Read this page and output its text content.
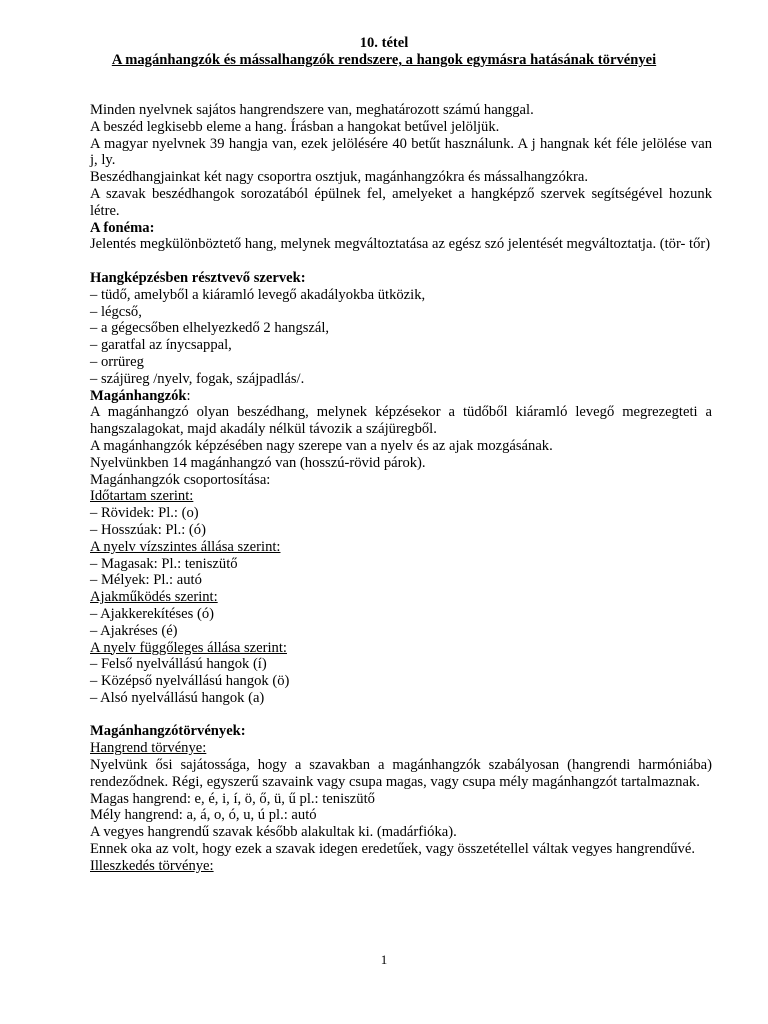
10. tétel
A magánhangzók és mássalhangzók rendszere, a hangok egymásra hatásának törvényei

Minden nyelvnek sajátos hangrendszere van, meghatározott számú hanggal.

A beszéd legkisebb eleme a hang. Írásban a hangokat betűvel jelöljük.

A magyar nyelvnek 39 hangja van, ezek jelölésére 40 betűt használunk. A j hangnak két féle jelölése van j, ly.

Beszédhangjainkat két nagy csoportra osztjuk, magánhangzókra és mássalhangzókra.

A szavak beszédhangok sorozatából épülnek fel, amelyeket a hangképző szervek segítségével hozunk létre.

A fonéma:

Jelentés megkülönböztető hang, melynek megváltoztatása az egész szó jelentését megváltoztatja. (tör- tőr)

Hangképzésben résztvevő szervek:

– tüdő, amelyből a kiáramló levegő akadályokba ütközik,

– légcső,

– a gégecsőben elhelyezkedő 2 hangszál,

– garatfal az ínycsappal,

– orrüreg

– szájüreg /nyelv, fogak, szájpadlás/.

Magánhangzók:

A magánhangzó olyan beszédhang, melynek képzésekor a tüdőből kiáramló levegő megrezegteti a hangszalagokat, majd akadály nélkül távozik a szájüregből.

A magánhangzók képzésében nagy szerepe van a nyelv és az ajak mozgásának.

Nyelvünkben 14 magánhangzó van (hosszú-rövid párok).

Magánhangzók csoportosítása:

Időtartam szerint:

– Rövidek: Pl.: (o)

– Hosszúak: Pl.: (ó)

A nyelv vízszintes állása szerint:

– Magasak: Pl.: teniszütő

– Mélyek: Pl.: autó

Ajakműködés szerint:

– Ajakkerekítéses (ó)

– Ajakréses (é)

A nyelv függőleges állása szerint:

– Felső nyelvállású hangok (í)

– Középső nyelvállású hangok (ö)

– Alsó nyelvállású hangok (a)

Magánhangzótörvények:

Hangrend törvénye:

Nyelvünk ősi sajátossága, hogy a szavakban a magánhangzók szabályosan (hangrendi harmóniába) rendeződnek. Régi, egyszerű szavaink vagy csupa magas, vagy csupa mély magánhangzót tartalmaznak.

Magas hangrend: e, é, i, í, ö, ő, ü, ű pl.: teniszütő

Mély hangrend: a, á, o, ó, u, ú pl.: autó

A vegyes hangrendű szavak később alakultak ki. (madárfióka).

Ennek oka az volt, hogy ezek a szavak idegen eredetűek, vagy összetétellel váltak vegyes hangrendűvé.

Illeszkedés törvénye:

1
